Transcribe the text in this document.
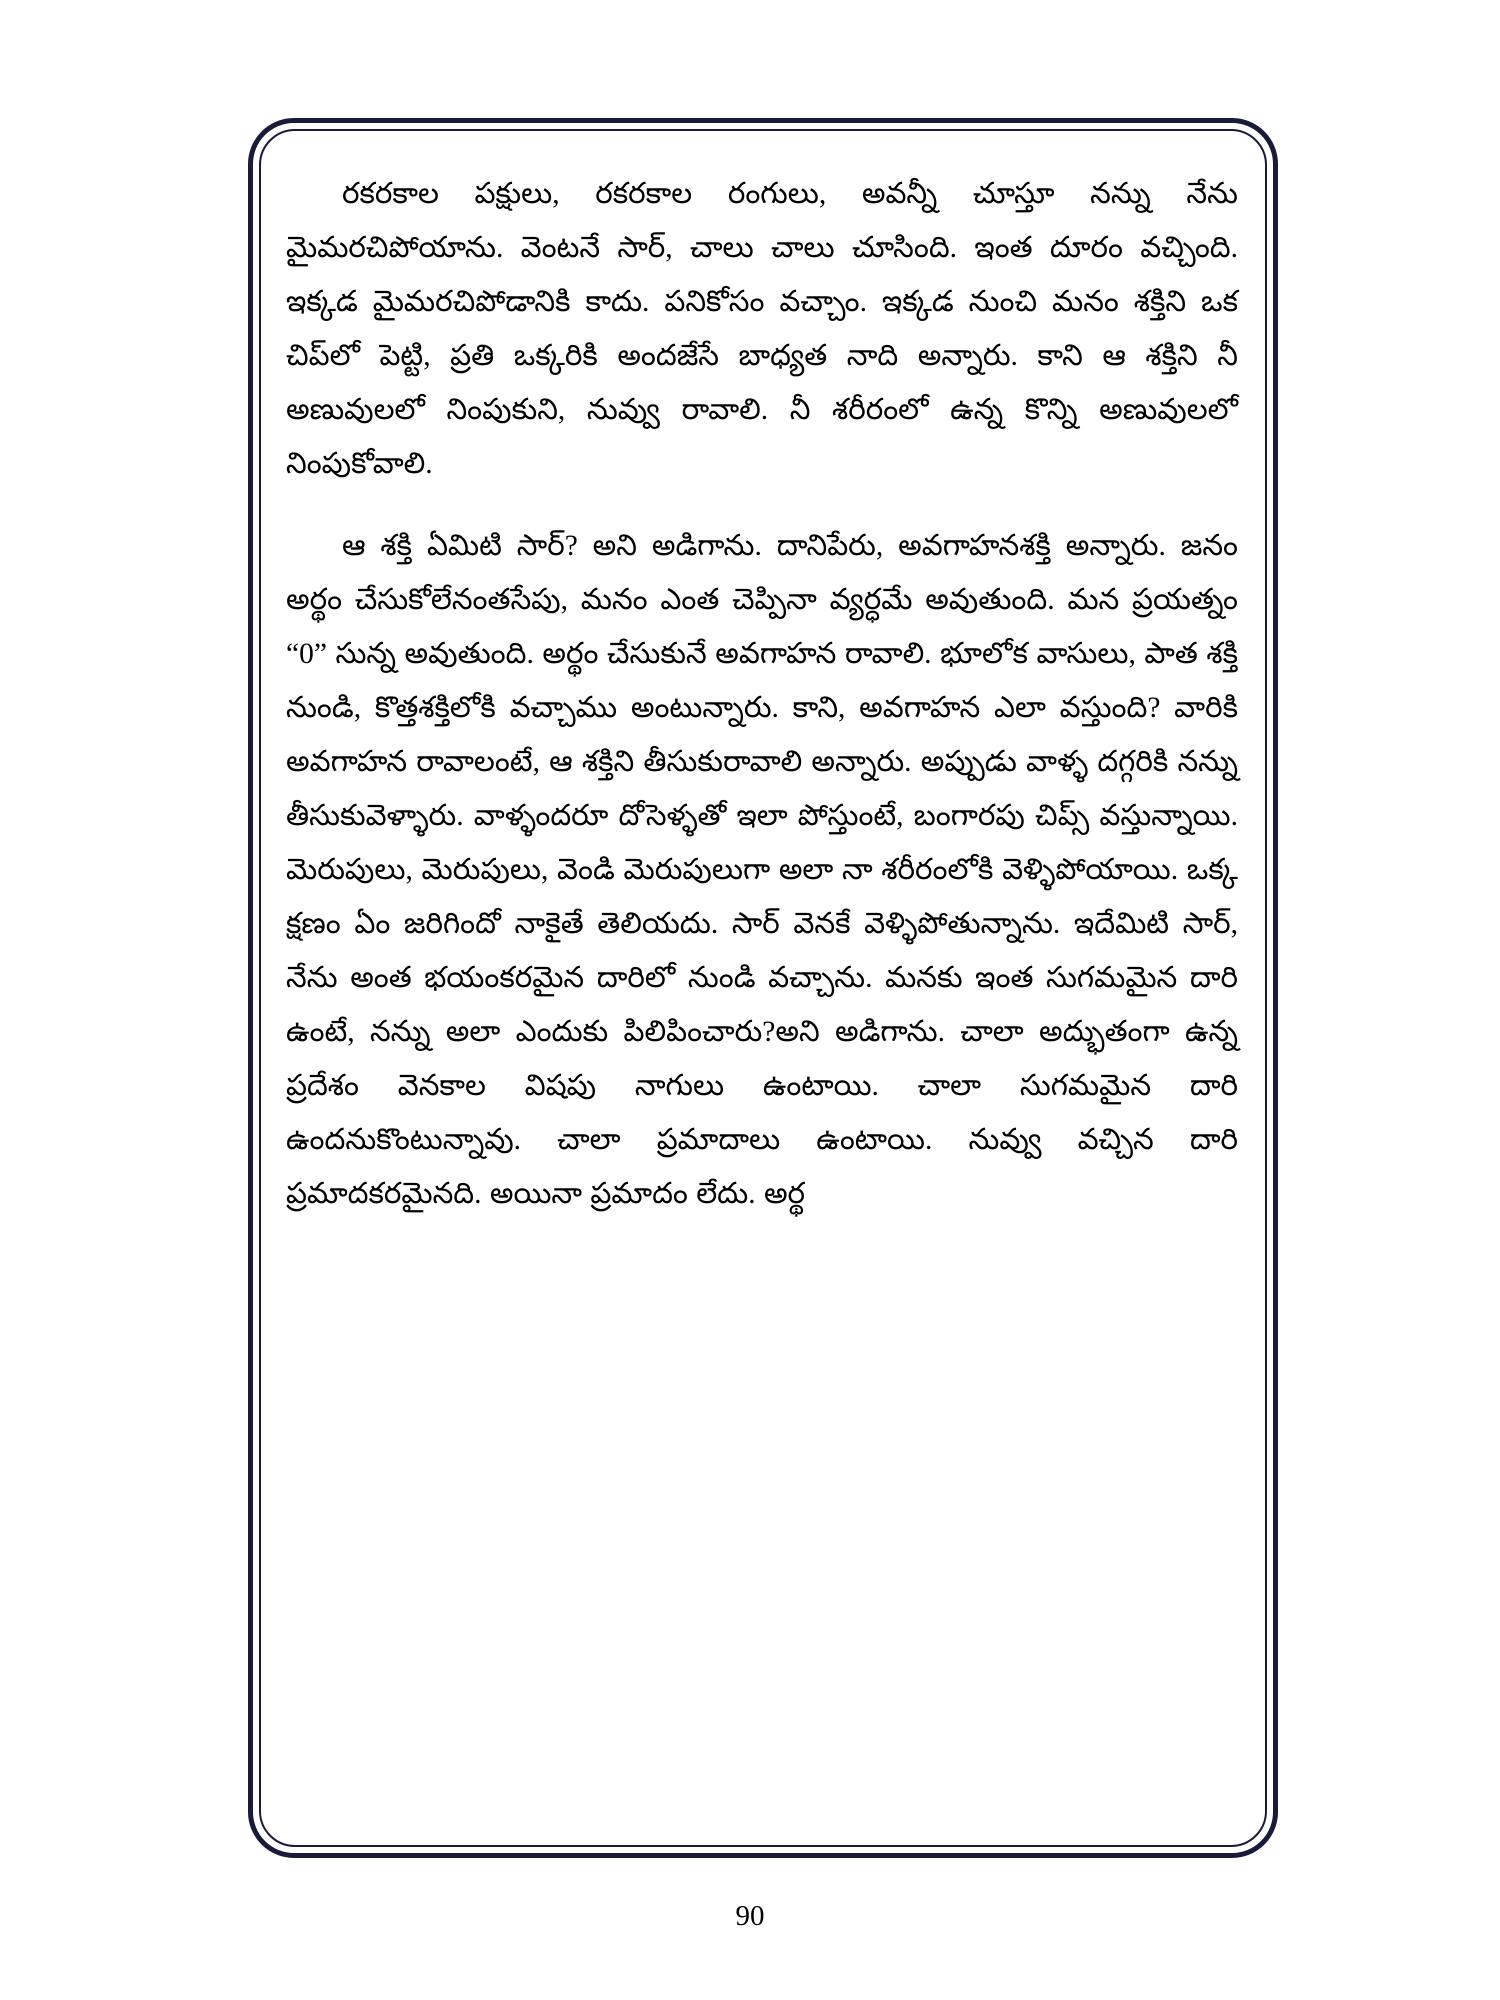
రకరకాల పక్షులు, రకరకాల రంగులు, అవన్నీ చూస్తూ నన్ను నేను మైమరచిపోయాను. వెంటనే సార్, చాలు చాలు చూసింది. ఇంత దూరం వచ్చింది. ఇక్కడ మైమరచిపోడానికి కాదు. పనికోసం వచ్చాం. ఇక్కడ నుంచి మనం శక్తిని ఒక చిప్‌లో పెట్టి, ప్రతి ఒక్కరికి అందజేసే బాధ్యత నాది అన్నారు. కాని ఆ శక్తిని నీ అణువులలో నింపుకుని, నువ్వు రావాలి. నీ శరీరంలో ఉన్న కొన్ని అణువులలో నింపుకోవాలి.

ఆ శక్తి ఏమిటి సార్? అని అడిగాను. దానిపేరు, అవగాహనశక్తి అన్నారు. జనం అర్థం చేసుకోలేనంతసేపు, మనం ఎంత చెప్పినా వ్యర్ధమే అవుతుంది. మన ప్రయత్నం “0” సున్న అవుతుంది. అర్థం చేసుకునే అవగాహన రావాలి. భూలోక వాసులు, పాత శక్తి నుండి, కొత్తశక్తిలోకి వచ్చాము అంటున్నారు. కాని, అవగాహన ఎలా వస్తుంది? వారికి అవగాహన రావాలంటే, ఆ శక్తిని తీసుకురావాలి అన్నారు. అప్పుడు వాళ్ళ దగ్గరికి నన్ను తీసుకువెళ్ళారు. వాళ్ళందరూ దోసెళ్ళతో ఇలా పోస్తుంటే, బంగారపు చిప్స్ వస్తున్నాయి. మెరుపులు, మెరుపులు, వెండి మెరుపులుగా అలా నా శరీరంలోకి వెళ్ళిపోయాయి. ఒక్క క్షణం ఏం జరిగిందో నాకైతే తెలియదు. సార్ వెనకే వెళ్ళిపోతున్నాను. ఇదేమిటి సార్, నేను అంత భయంకరమైన దారిలో నుండి వచ్చాను. మనకు ఇంత సుగమమైన దారి ఉంటే, నన్ను అలా ఎందుకు పిలిపించారు?అని అడిగాను. చాలా అద్భుతంగా ఉన్న ప్రదేశం వెనకాల విషపు నాగులు ఉంటాయి. చాలా సుగమమైన దారి ఉందనుకొంటున్నావు. చాలా ప్రమాదాలు ఉంటాయి. నువ్వు వచ్చిన దారి ప్రమాదకరమైనది. అయినా ప్రమాదం లేదు. అర్థ

90
